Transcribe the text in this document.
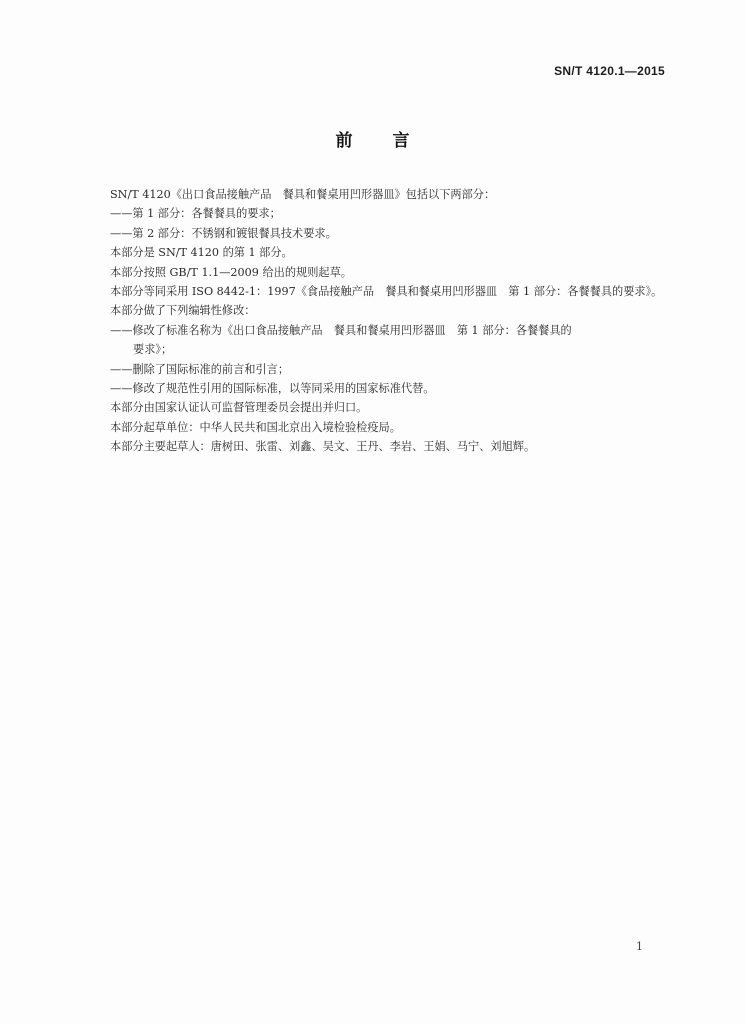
SN/T 4120.1—2015
前言

SN/T 4120《出口食品接触产品　餐具和餐桌用凹形器皿》包括以下两部分：

——第 1 部分：各餐餐具的要求；

——第 2 部分：不锈钢和镀银餐具技术要求。

本部分是 SN/T 4120 的第 1 部分。

本部分按照 GB/T 1.1—2009 给出的规则起草。

本部分等同采用 ISO 8442-1：1997《食品接触产品　餐具和餐桌用凹形器皿　第 1 部分：各餐餐具的要求》。

本部分做了下列编辑性修改：

——修改了标准名称为《出口食品接触产品　餐具和餐桌用凹形器皿　第 1 部分：各餐餐具的

要求》；

——删除了国际标准的前言和引言；

——修改了规范性引用的国际标准，以等同采用的国家标准代替。

本部分由国家认证认可监督管理委员会提出并归口。

本部分起草单位：中华人民共和国北京出入境检验检疫局。

本部分主要起草人：唐树田、张雷、刘鑫、吴文、王丹、李岩、王娟、马宁、刘旭辉。

1
